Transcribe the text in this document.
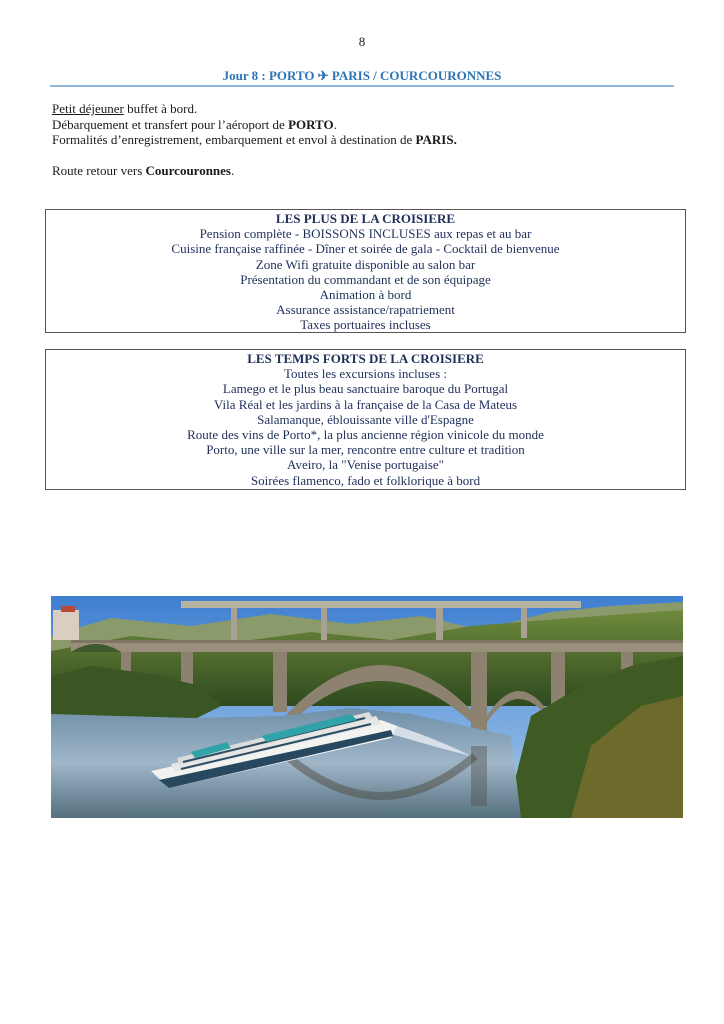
8
Jour 8 : PORTO ✈ PARIS / COURCOURONNES

Petit déjeuner buffet à bord.

Débarquement et transfert pour l’aéroport de PORTO.

Formalités d’enregistrement, embarquement et envol à destination de PARIS.

Route retour vers Courcouronnes.

LES PLUS DE LA CROISIERE
Pension complète - BOISSONS INCLUSES aux repas et au bar
Cuisine française raffinée - Dîner et soirée de gala - Cocktail de bienvenue
Zone Wifi gratuite disponible au salon bar
Présentation du commandant et de son équipage
Animation à bord
Assurance assistance/rapatriement
Taxes portuaires incluses
LES TEMPS FORTS DE LA CROISIERE
Toutes les excursions incluses :
Lamego et le plus beau sanctuaire baroque du Portugal
Vila Réal et les jardins à la française de la Casa de Mateus
Salamanque, éblouissante ville d'Espagne
Route des vins de Porto*, la plus ancienne région vinicole du monde
Porto, une ville sur la mer, rencontre entre culture et tradition
Aveiro, la "Venise portugaise"
Soirées flamenco, fado et folklorique à bord
